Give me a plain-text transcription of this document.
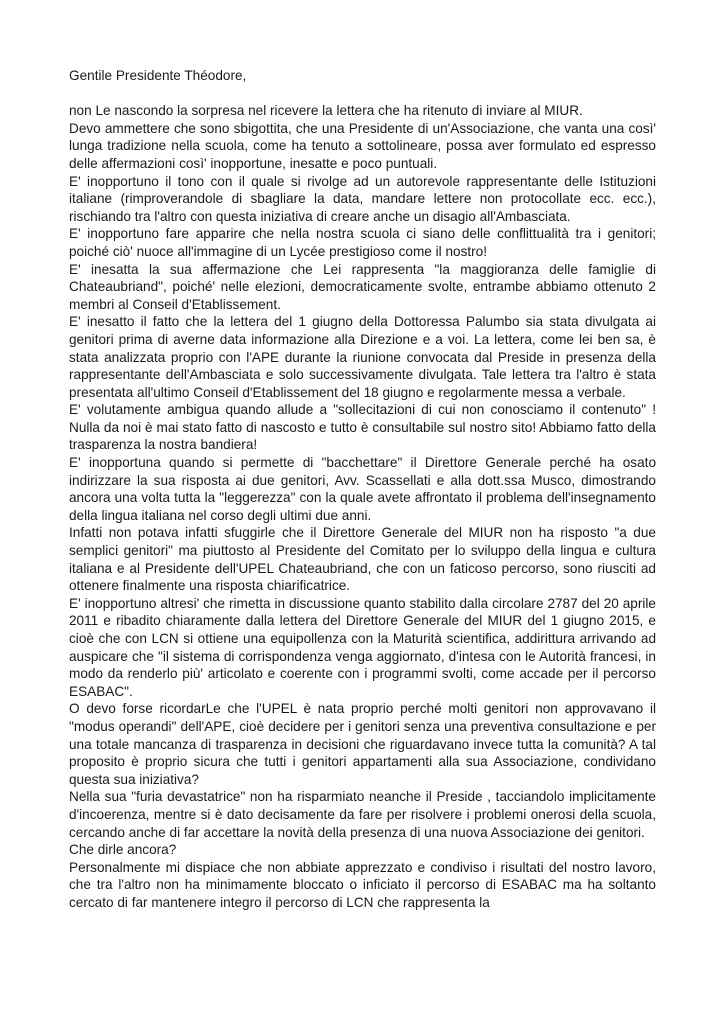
Gentile Presidente Théodore,

non Le nascondo la sorpresa nel ricevere la lettera che ha ritenuto di inviare al MIUR.

Devo ammettere che sono sbigottita, che una Presidente di un'Associazione, che vanta una così' lunga tradizione nella scuola, come ha tenuto a sottolineare, possa aver formulato ed espresso delle affermazioni così' inopportune, inesatte e poco puntuali.

E' inopportuno il tono con il quale si rivolge ad un autorevole rappresentante delle Istituzioni italiane (rimproverandole di sbagliare la data, mandare lettere non protocollate ecc. ecc.), rischiando tra l'altro con questa iniziativa di creare anche un disagio all'Ambasciata.

E' inopportuno fare apparire che nella nostra scuola ci siano delle conflittualità tra i genitori; poiché ciò' nuoce all'immagine di un Lycée prestigioso come il nostro!

E' inesatta la sua affermazione che Lei rappresenta "la maggioranza delle famiglie di Chateaubriand", poiché' nelle elezioni, democraticamente svolte, entrambe abbiamo ottenuto 2 membri al Conseil d'Etablissement.

E' inesatto il fatto che la lettera del 1 giugno della Dottoressa Palumbo sia stata divulgata ai genitori prima di averne data informazione alla Direzione e a voi. La lettera, come lei ben sa, è stata analizzata proprio con l'APE durante la riunione convocata dal Preside in presenza della rappresentante dell'Ambasciata e solo successivamente divulgata. Tale lettera tra l'altro è stata presentata all'ultimo Conseil d'Etablissement del 18 giugno e regolarmente messa a verbale.

E' volutamente ambigua quando allude a "sollecitazioni di cui non conosciamo il contenuto" ! Nulla da noi è mai stato fatto di nascosto e tutto è consultabile sul nostro sito! Abbiamo fatto della trasparenza la nostra bandiera!

E' inopportuna quando si permette di "bacchettare" il Direttore Generale perché ha osato indirizzare la sua risposta ai due genitori, Avv. Scassellati e alla dott.ssa Musco, dimostrando ancora una volta tutta la "leggerezza" con la quale avete affrontato il problema dell'insegnamento della lingua italiana nel corso degli ultimi due anni.

Infatti non potava infatti sfuggirle che il Direttore Generale del MIUR non ha risposto "a due semplici genitori" ma piuttosto al Presidente del Comitato per lo sviluppo della lingua e cultura italiana e al Presidente dell'UPEL Chateaubriand, che con un faticoso percorso, sono riusciti ad ottenere finalmente una risposta chiarificatrice.

E' inopportuno altresi' che rimetta in discussione quanto stabilito dalla circolare 2787 del 20 aprile 2011 e ribadito chiaramente dalla lettera del Direttore Generale del MIUR del 1 giugno 2015, e cioè che con LCN si ottiene una equipollenza con la Maturità scientifica, addirittura arrivando ad auspicare che "il sistema di corrispondenza venga aggiornato, d'intesa con le Autorità francesi, in modo da renderlo più' articolato e coerente con i programmi svolti, come accade per il percorso ESABAC".

O devo forse ricordarLe che l'UPEL è nata proprio perché molti genitori non approvavano il "modus operandi" dell'APE, cioè decidere per i genitori senza una preventiva consultazione e per una totale mancanza di trasparenza in decisioni che riguardavano invece tutta la comunità? A tal proposito è proprio sicura che tutti i genitori appartamenti alla sua Associazione, condividano questa sua iniziativa?

Nella sua "furia devastatrice" non ha risparmiato neanche il Preside , tacciandolo implicitamente d'incoerenza, mentre si è dato decisamente da fare per risolvere i problemi onerosi della scuola, cercando anche di far accettare la novità della presenza di una nuova Associazione dei genitori.

Che dirle ancora?

Personalmente mi dispiace che non abbiate apprezzato e condiviso i risultati del nostro lavoro, che tra l'altro non ha minimamente bloccato o inficiato il percorso di ESABAC ma ha soltanto cercato di far mantenere integro il percorso di LCN che rappresenta la
